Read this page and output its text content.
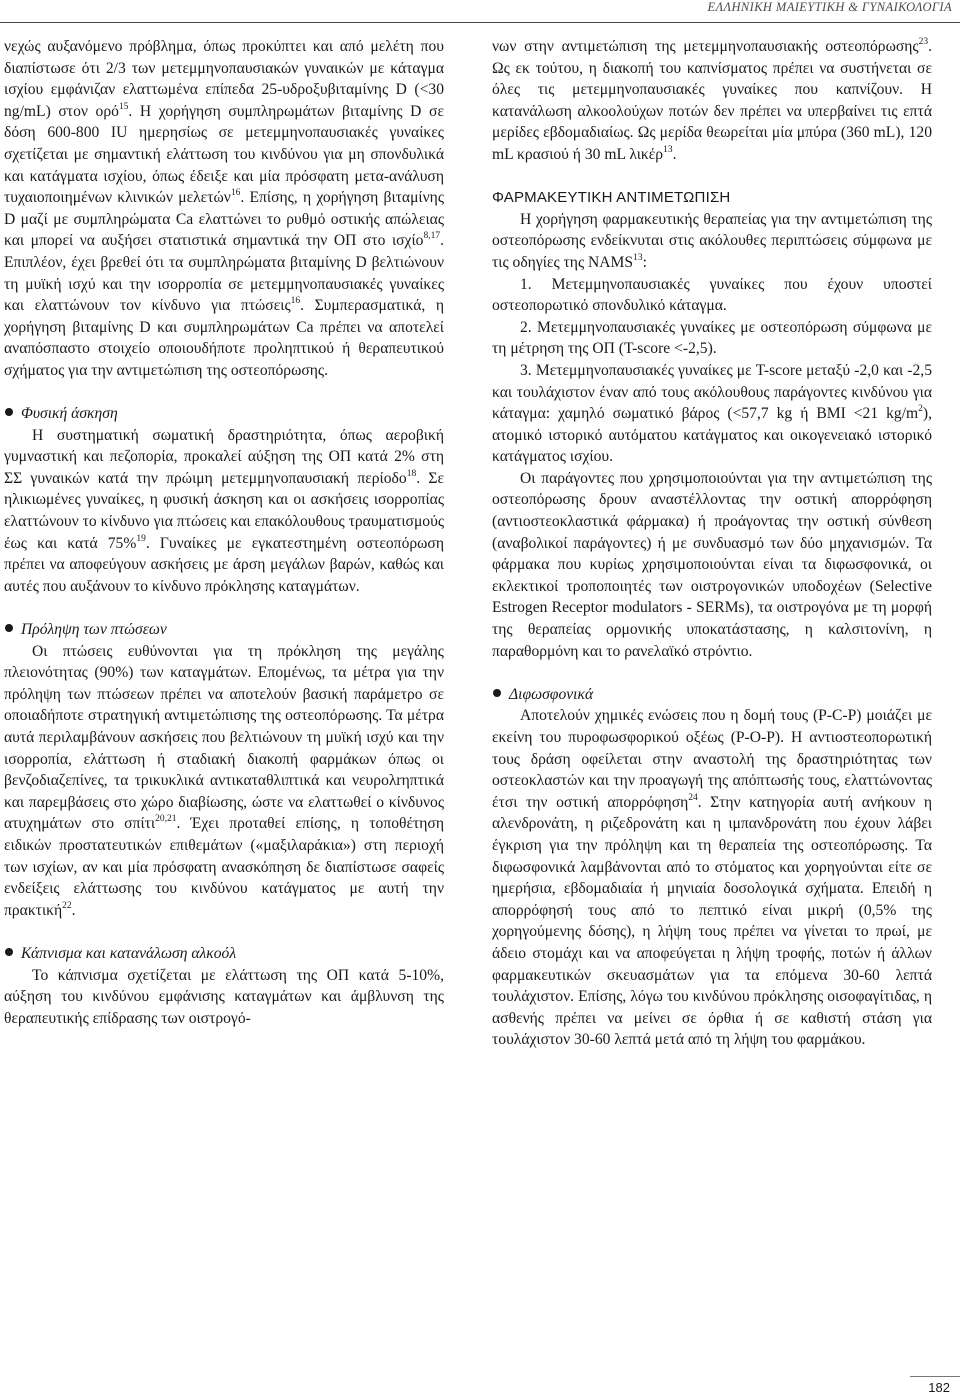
ΕΛΛΗΝΙΚΗ ΜΑΙΕΥΤΙΚΗ & ΓΥΝΑΙΚΟΛΟΓΙΑ

νεχώς αυξανόμενο πρόβλημα, όπως προκύπτει και από μελέτη που διαπίστωσε ότι 2/3 των μετεμμηνοπαυσιακών γυναικών με κάταγμα ισχίου εμφάνιζαν ελαττωμένα επίπεδα 25-υδροξυβιταμίνης D (<30 ng/mL) στον ορό$^{15}$. Η χορήγηση συμπληρωμάτων βιταμίνης D σε δόση 600-800 IU ημερησίως σε μετεμμηνοπαυσιακές γυναίκες σχετίζεται με σημαντική ελάττωση του κινδύνου για μη σπονδυλικά και κατάγματα ισχίου, όπως έδειξε και μία πρόσφατη μετα-ανάλυση τυχαιοποιημένων κλινικών μελετών$^{16}$. Επίσης, η χορήγηση βιταμίνης D μαζί με συμπληρώματα Ca ελαττώνει το ρυθμό οστικής απώλειας και μπορεί να αυξήσει στατιστικά σημαντικά την ΟΠ στο ισχίο$^{8,17}$. Επιπλέον, έχει βρεθεί ότι τα συμπληρώματα βιταμίνης D βελτιώνουν τη μυϊκή ισχύ και την ισορροπία σε μετεμμηνοπαυσιακές γυναίκες και ελαττώνουν τον κίνδυνο για πτώσεις$^{16}$. Συμπερασματικά, η χορήγηση βιταμίνης D και συμπληρωμάτων Ca πρέπει να αποτελεί αναπόσπαστο στοιχείο οποιουδήποτε προληπτικού ή θεραπευτικού σχήματος για την αντιμετώπιση της οστεοπόρωσης.

Φυσική άσκηση

Η συστηματική σωματική δραστηριότητα, όπως αεροβική γυμναστική και πεζοπορία, προκαλεί αύξηση της ΟΠ κατά 2% στη ΣΣ γυναικών κατά την πρώιμη μετεμμηνοπαυσιακή περίοδο$^{18}$. Σε ηλικιωμένες γυναίκες, η φυσική άσκηση και οι ασκήσεις ισορροπίας ελαττώνουν το κίνδυνο για πτώσεις και επακόλουθους τραυματισμούς έως και κατά 75%$^{19}$. Γυναίκες με εγκατεστημένη οστεοπόρωση πρέπει να αποφεύγουν ασκήσεις με άρση μεγάλων βαρών, καθώς και αυτές που αυξάνουν το κίνδυνο πρόκλησης καταγμάτων.

Πρόληψη των πτώσεων

Οι πτώσεις ευθύνονται για τη πρόκληση της μεγάλης πλειονότητας (90%) των καταγμάτων. Επομένως, τα μέτρα για την πρόληψη των πτώσεων πρέπει να αποτελούν βασική παράμετρο σε οποιαδήποτε στρατηγική αντιμετώπισης της οστεοπόρωσης. Τα μέτρα αυτά περιλαμβάνουν ασκήσεις που βελτιώνουν τη μυϊκή ισχύ και την ισορροπία, ελάττωση ή σταδιακή διακοπή φαρμάκων όπως οι βενζοδιαζεπίνες, τα τρικυκλικά αντικαταθλιπτικά και νευρολrηπτικά και παρεμβάσεις στο χώρο διαβίωσης, ώστε να ελαττωθεί ο κίνδυνος ατυχημάτων στο σπίτι$^{20,21}$. Έχει προταθεί επίσης, η τοποθέτηση ειδικών προστατευτικών επιθεμάτων («μαξιλαράκια») στη περιοχή των ισχίων, αν και μία πρόσφατη ανασκόπηση δε διαπίστωσε σαφείς ενδείξεις ελάττωσης του κινδύνου κατάγματος με αυτή την πρακτική$^{22}$.

Κάπνισμα και κατανάλωση αλκοόλ

Το κάπνισμα σχετίζεται με ελάττωση της ΟΠ κατά 5-10%, αύξηση του κινδύνου εμφάνισης καταγμάτων και άμβλυνση της θεραπευτικής επίδρασης των οιστρογό-

νων στην αντιμετώπιση της μετεμμηνοπαυσιακής οστεοπόρωσης$^{23}$. Ως εκ τούτου, η διακοπή του καπνίσματος πρέπει να συστήνεται σε όλες τις μετεμμηνοπαυσιακές γυναίκες που καπνίζουν. Η κατανάλωση αλκοολούχων ποτών δεν πρέπει να υπερβαίνει τις επτά μερίδες εβδομαδιαίως. Ως μερίδα θεωρείται μία μπύρα (360 mL), 120 mL κρασιού ή 30 mL λικέρ$^{13}$.

ΦΑΡΜΑΚΕΥΤΙΚΗ ΑΝΤΙΜΕΤΩΠΙΣΗ

Η χορήγηση φαρμακευτικής θεραπείας για την αντιμετώπιση της οστεοπόρωσης ενδείκνυται στις ακόλουθες περιπτώσεις σύμφωνα με τις οδηγίες της NAMS$^{13}$:

1. Μετεμμηνοπαυσιακές γυναίκες που έχουν υποστεί οστεοπορωτικό σπονδυλικό κάταγμα.

2. Μετεμμηνοπαυσιακές γυναίκες με οστεοπόρωση σύμφωνα με τη μέτρηση της ΟΠ (T-score <-2,5).

3. Μετεμμηνοπαυσιακές γυναίκες με T-score μεταξύ -2,0 και -2,5 και τουλάχιστον έναν από τους ακόλουθους παράγοντες κινδύνου για κάταγμα: χαμηλό σωματικό βάρος (<57,7 kg ή BMI <21 $kg/m^2$), ατομικό ιστορικό αυτόματου κατάγματος και οικογενειακό ιστορικό κατάγματος ισχίου.

Οι παράγοντες που χρησιμοποιούνται για την αντιμετώπιση της οστεοπόρωσης δρουν αναστέλλοντας την οστική απορρόφηση (αντιοστεοκλαστικά φάρμακα) ή προάγοντας την οστική σύνθεση (αναβολικοί παράγοντες) ή με συνδυασμό των δύο μηχανισμών. Τα φάρμακα που κυρίως χρησιμοποιούνται είναι τα διφωσφονικά, οι εκλεκτικοί τροποποιητές των οιστρογονικών υποδοχέων (Selective Estrogen Receptor modulators - SERMs), τα οιστρογόνα με τη μορφή της θεραπείας ορμονικής υποκατάστασης, η καλσιτονίνη, η παραθορμόνη και το ρανελαϊκό στρόντιο.

Διφωσφονικά

Αποτελούν χημικές ενώσεις που η δομή τους (P-C-P) μοιάζει με εκείνη του πυροφωσφορικού οξέως (P-O-P). Η αντιοστεοπορωτική τους δράση οφείλεται στην αναστολή της δραστηριότητας των οστεοκλαστών και την προαγωγή της απόπτωσής τους, ελαττώνοντας έτσι την οστική απορρόφηση$^{24}$. Στην κατηγορία αυτή ανήκουν η αλενδρονάτη, η ριζεδρονάτη και η ιμπανδρονάτη που έχουν λάβει έγκριση για την πρόληψη και τη θεραπεία της οστεοπόρωσης. Τα διφωσφονικά λαμβάνονται από το στόματος και χορηγούνται είτε σε ημερήσια, εβδομαδιαία ή μηνιαία δοσολογικά σχήματα. Επειδή η απορρόφησή τους από το πεπτικό είναι μικρή (0,5% της χορηγούμενης δόσης), η λήψη τους πρέπει να γίνεται το πρωί, με άδειο στομάχι και να αποφεύγεται η λήψη τροφής, ποτών ή άλλων φαρμακευτικών σκευασμάτων για τα επόμενα 30-60 λεπτά τουλάχιστον. Επίσης, λόγω του κινδύνου πρόκλησης οισοφαγίτιδας, η ασθενής πρέπει να μείνει σε όρθια ή σε καθιστή στάση για τουλάχιστον 30-60 λεπτά μετά από τη λήψη του φαρμάκου.

182
